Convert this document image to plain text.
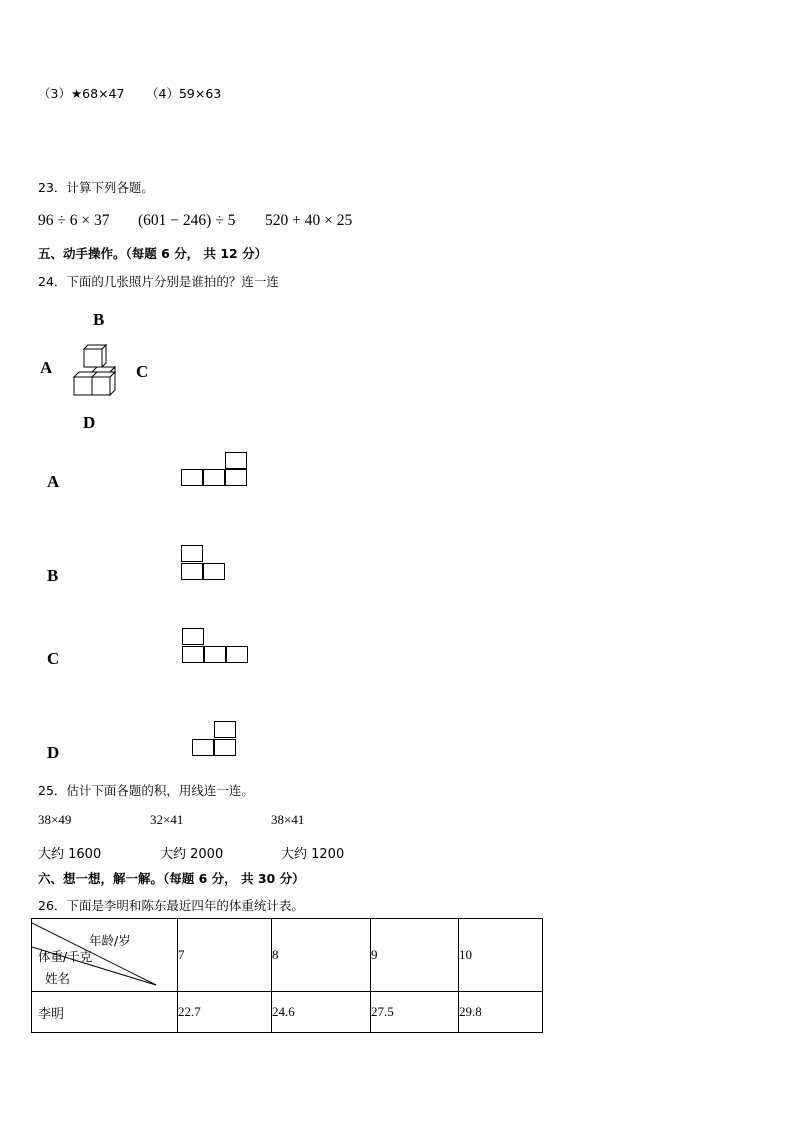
（3）★68×47 （4）59×63
23．计算下列各题。
96 ÷ 6 × 37 (601 − 246) ÷ 5 520 + 40 × 25
五、动手操作。（每题 6 分， 共 12 分）
24．下面的几张照片分别是谁拍的？连一连
B
A	C
D
A
B
C
D
25．估计下面各题的积，用线连一连。
38×49	32×41	38×41
大约 1600	大约 2000	大约 1200
六、想一想，解一解。（每题 6 分， 共 30 分）
26．下面是李明和陈东最近四年的体重统计表。
年龄/岁
体重/千克
姓名	7	8	9	10
李明	22.7	24.6	27.5	29.8
